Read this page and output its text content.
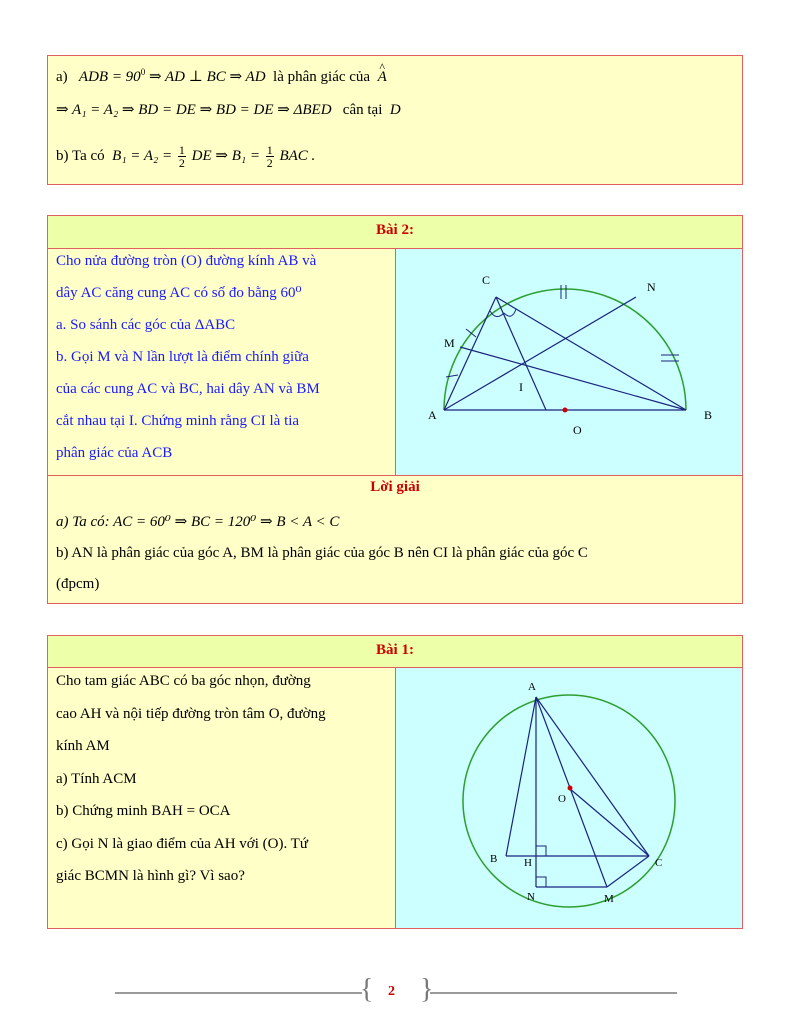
a) ADB = $90^0$ ⇒ AD ⊥ BC ⇒ AD là phân giác của  ^ A
⇒ A₁ = A₂ ⇒ BD = DE ⇒ BD = DE ⇒ ΔBED cân tại D
b) Ta có $B_1 = A_2 = \frac{1}{2}$ DE ⇒ $B_1 = \frac{1}{2}$ BAC .
Bài 2:
Cho nửa đường tròn (O) đường kính AB và
dây AC căng cung AC có số đo bằng 60⁰
a. So sánh các góc của ΔABC
b. Gọi M và N lần lượt là điểm chính giữa
của các cung AC và BC, hai dây AN và BM
cắt nhau tại I. Chứng minh rằng CI là tia
phân giác của ACB
C	N
M
I
A	B
O
Lời giải
a) Ta có: AC = 60⁰ ⇒ BC = 120⁰ ⇒ B < A < C
b) AN là phân giác của góc A, BM là phân giác của góc B nên CI là phân giác của góc C
(đpcm)
Bài 1:
Cho tam giác ABC có ba góc nhọn, đường
cao AH và nội tiếp đường tròn tâm O, đường
kính AM
a) Tính ACM
b) Chứng minh BAH = OCA
c) Gọi N là giao điểm của AH với (O). Tứ
giác BCMN là hình gì? Vì sao?
A
O
B H	C
N	M
{ }
2
